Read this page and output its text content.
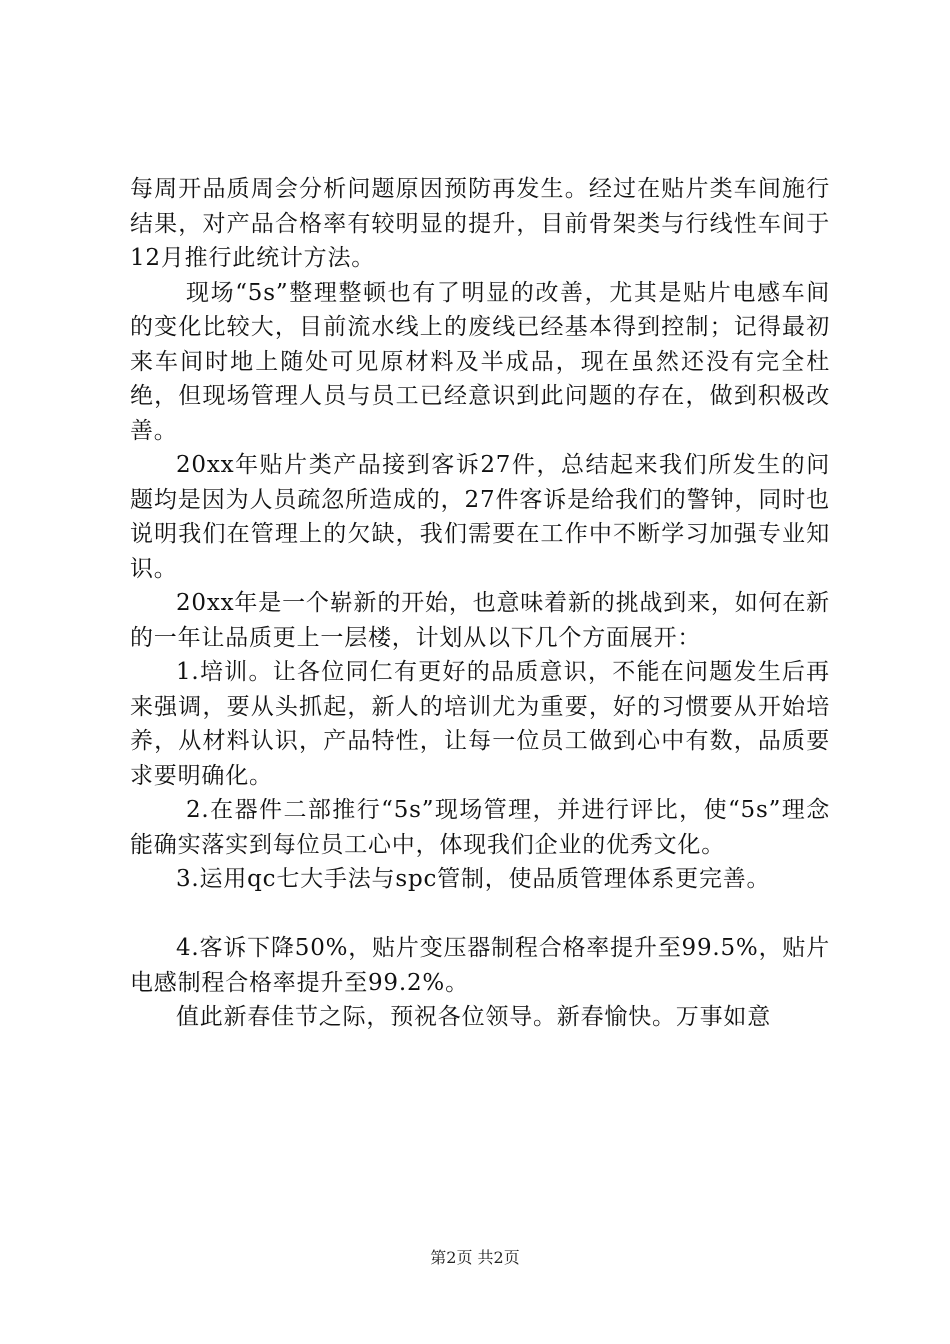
每周开品质周会分析问题原因预防再发生。经过在贴片类车间施行结果，对产品合格率有较明显的提升，目前骨架类与行线性车间于12月推行此统计方法。

现场“5s”整理整顿也有了明显的改善，尤其是贴片电感车间的变化比较大，目前流水线上的废线已经基本得到控制；记得最初来车间时地上随处可见原材料及半成品，现在虽然还没有完全杜绝，但现场管理人员与员工已经意识到此问题的存在，做到积极改善。

20xx年贴片类产品接到客诉27件，总结起来我们所发生的问题均是因为人员疏忽所造成的，27件客诉是给我们的警钟，同时也说明我们在管理上的欠缺，我们需要在工作中不断学习加强专业知识。

20xx年是一个崭新的开始，也意味着新的挑战到来，如何在新的一年让品质更上一层楼，计划从以下几个方面展开：

1.培训。让各位同仁有更好的品质意识，不能在问题发生后再来强调，要从头抓起，新人的培训尤为重要，好的习惯要从开始培养，从材料认识，产品特性，让每一位员工做到心中有数，品质要求要明确化。

2.在器件二部推行“5s”现场管理，并进行评比，使“5s”理念能确实落实到每位员工心中，体现我们企业的优秀文化。

3.运用qc七大手法与spc管制，使品质管理体系更完善。

4.客诉下降50%，贴片变压器制程合格率提升至99.5%，贴片电感制程合格率提升至99.2%。

值此新春佳节之际，预祝各位领导。新春愉快。万事如意

第2页 共2页
